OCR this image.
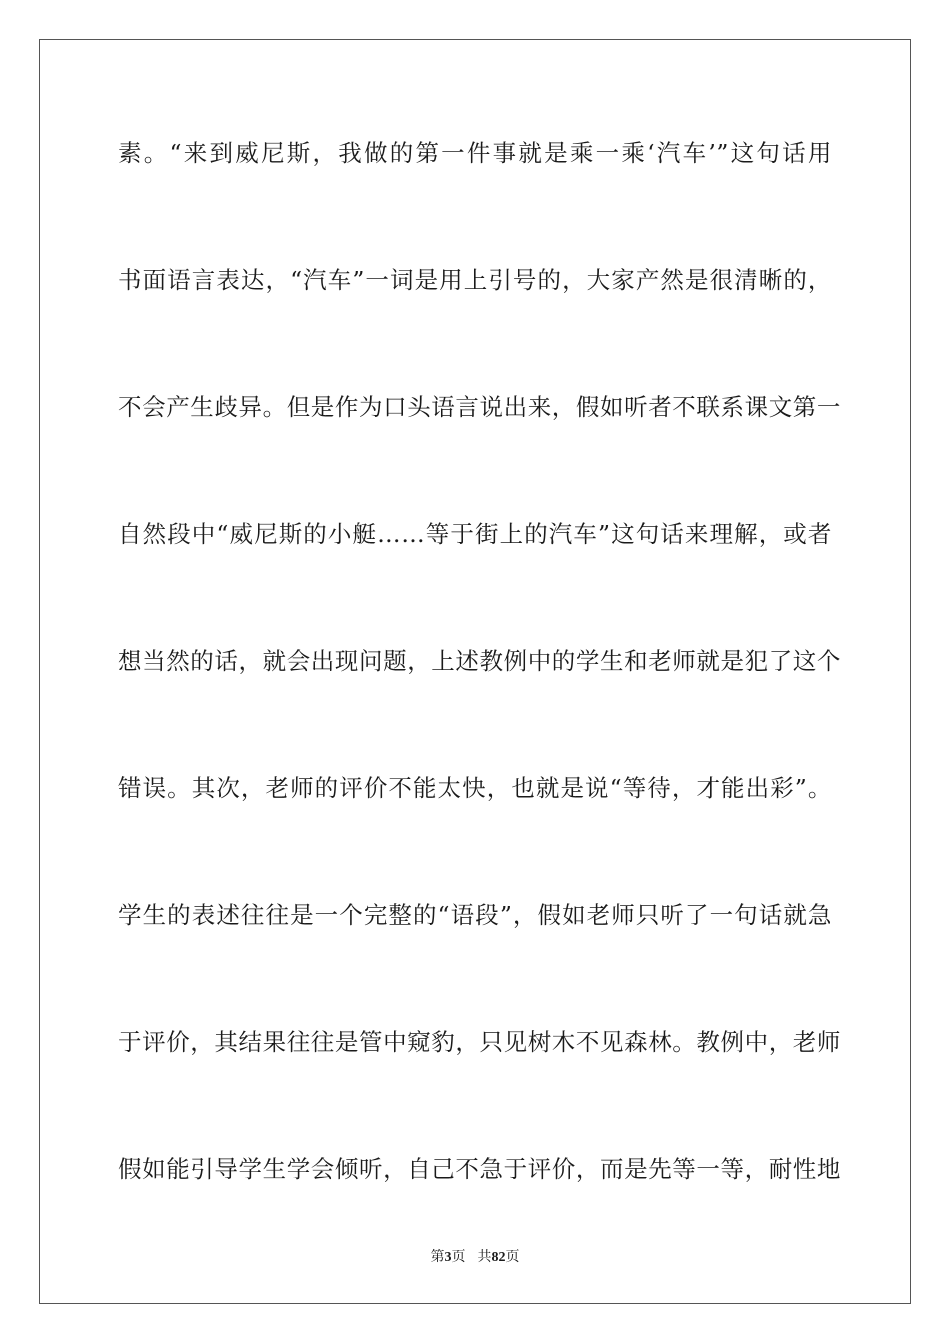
素。“来到威尼斯，我做的第一件事就是乘一乘‘汽车’”这句话用
书面语言表达，“汽车”一词是用上引号的，大家产然是很清晰的，
不会产生歧异。但是作为口头语言说出来，假如听者不联系课文第一
自然段中“威尼斯的小艇……等于街上的汽车”这句话来理解，或者
想当然的话，就会出现问题，上述教例中的学生和老师就是犯了这个
错误。其次，老师的评价不能太快，也就是说“等待，才能出彩”。
学生的表述往往是一个完整的“语段”，假如老师只听了一句话就急
于评价，其结果往往是管中窥豹，只见树木不见森林。教例中，老师
假如能引导学生学会倾听，自己不急于评价，而是先等一等，耐性地
第3页 共82页
